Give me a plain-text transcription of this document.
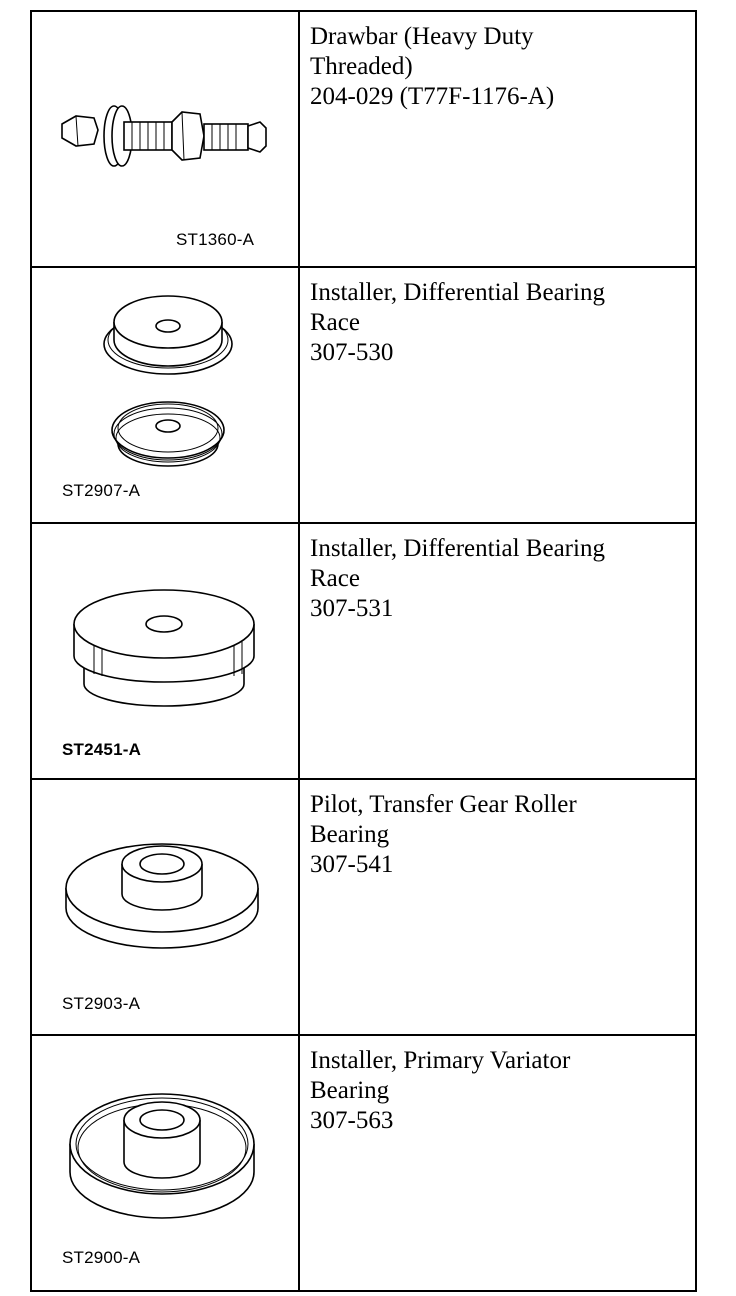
ST1360-A	Drawbar (Heavy Duty
Threaded)
204-029 (T77F-1176-A)

ST2907-A	Installer, Differential Bearing
Race
307-530

ST2451-A	Installer, Differential Bearing
Race
307-531

ST2903-A	Pilot, Transfer Gear Roller
Bearing
307-541

ST2900-A	Installer, Primary Variator
Bearing
307-563
